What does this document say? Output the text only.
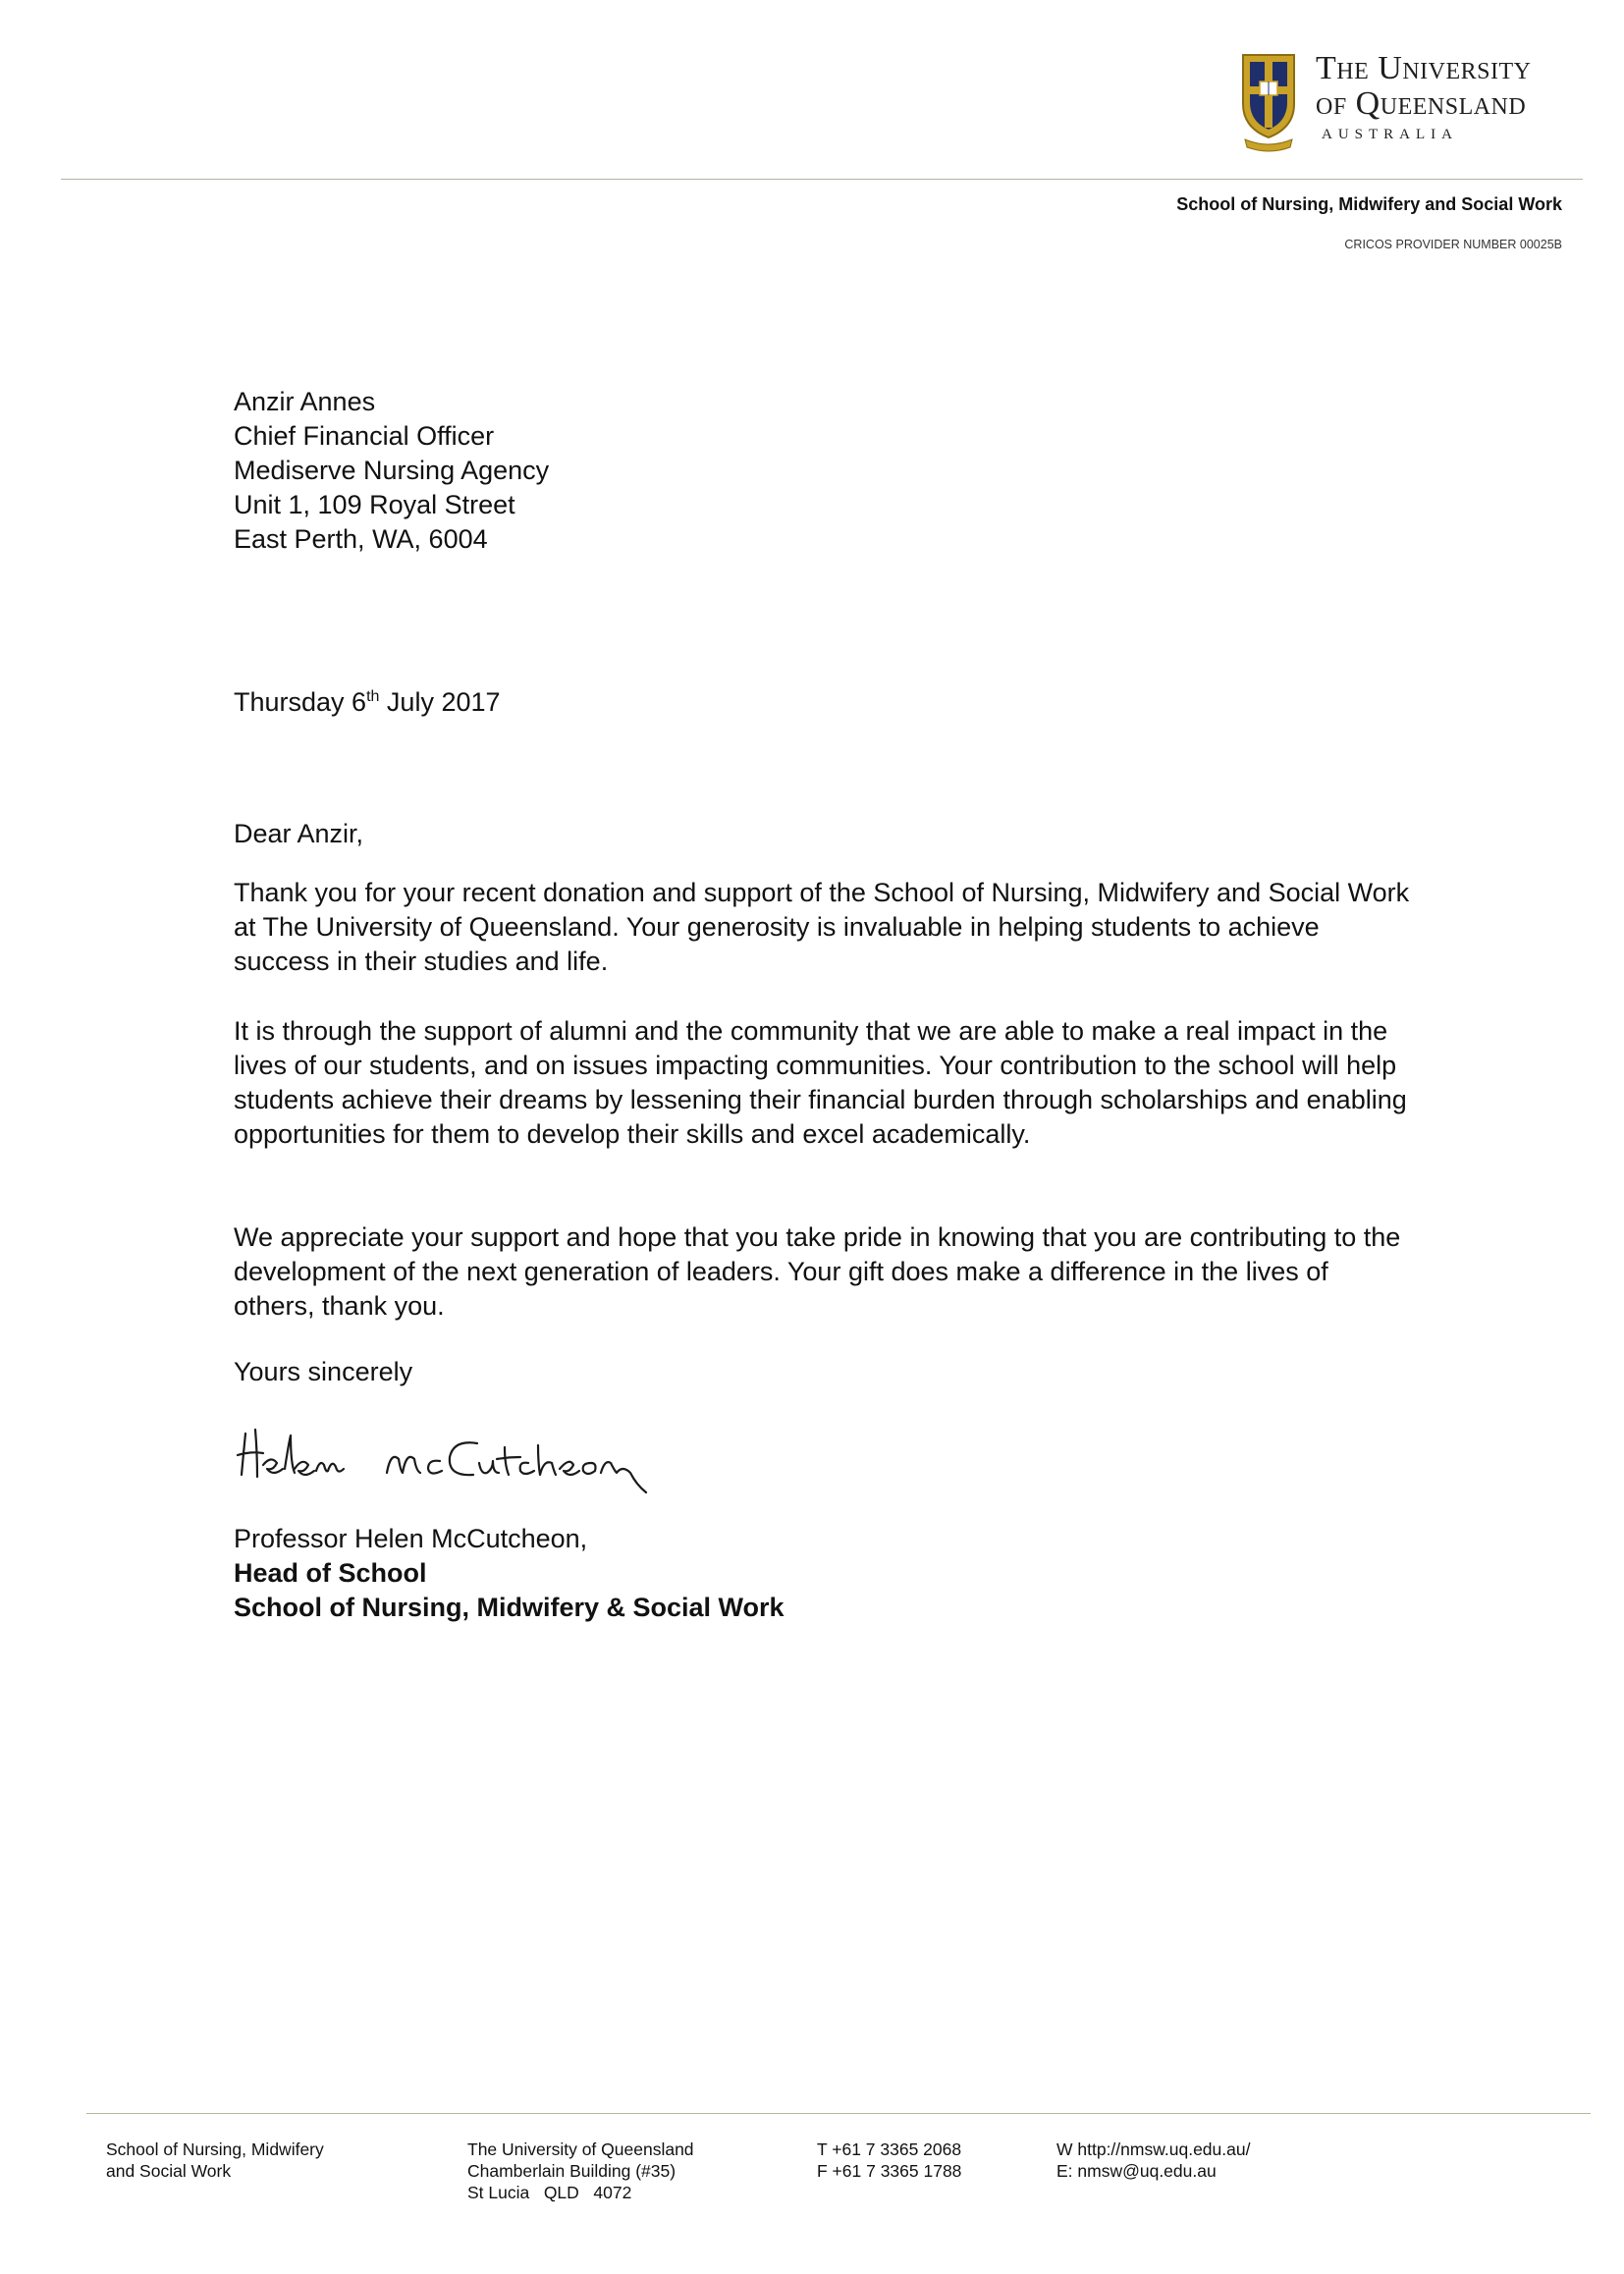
The University
of Queensland
AUSTRALIA
School of Nursing, Midwifery and Social Work
CRICOS PROVIDER NUMBER 00025B
Anzir Annes
Chief Financial Officer
Mediserve Nursing Agency
Unit 1, 109 Royal Street
East Perth, WA, 6004
Thursday 6th July 2017
Dear Anzir,
Thank you for your recent donation and support of the School of Nursing, Midwifery and Social Work at The University of Queensland. Your generosity is invaluable in helping students to achieve success in their studies and life.
It is through the support of alumni and the community that we are able to make a real impact in the lives of our students, and on issues impacting communities. Your contribution to the school will help students achieve their dreams by lessening their financial burden through scholarships and enabling opportunities for them to develop their skills and excel academically.
We appreciate your support and hope that you take pride in knowing that you are contributing to the development of the next generation of leaders. Your gift does make a difference in the lives of others, thank you.
Yours sincerely
Professor Helen McCutcheon,
Head of School
School of Nursing, Midwifery & Social Work
School of Nursing, Midwifery
and Social Work
The University of Queensland
Chamberlain Building (#35)
St Lucia   QLD   4072
T +61 7 3365 2068
F +61 7 3365 1788
W http://nmsw.uq.edu.au/
E: nmsw@uq.edu.au
